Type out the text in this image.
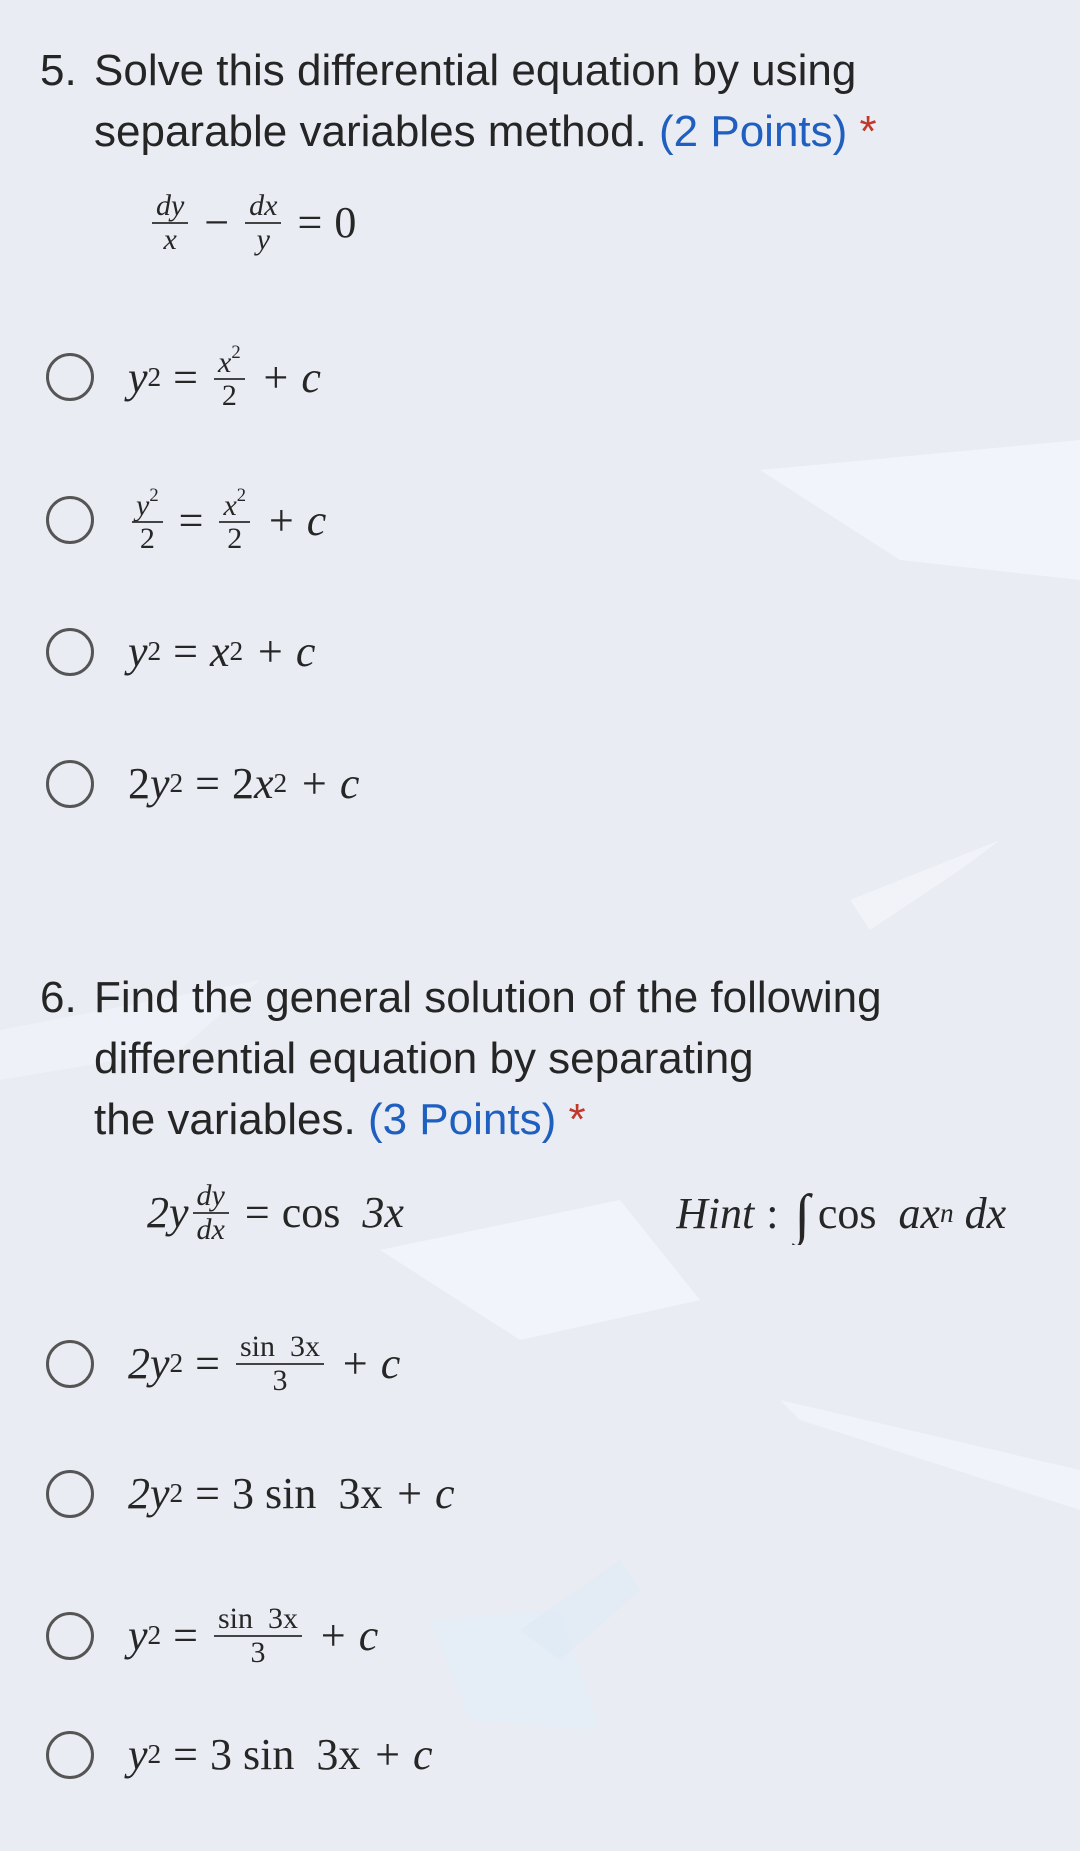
5. Solve this differential equation by using
separable variables method. (2 Points) *
$\frac{dy}{x} - \frac{dx}{y} = 0$
y $2 = \frac{x^2}{2} + c$
$\frac{y^2}{2} = \frac{x^2}{2} + c$
y 2 = x 2 + c
2 y 2 = 2 x 2 + c
6. Find the general solution of the following
differential equation by separating
the variables. (3 Points) *
$2y \frac{dy}{dx} = \cos$
3x	Hint : ∫ cos
ax n
dx
2y $2 = \frac{\sin 3x}{3} + c$
2y 2 = 3 sin  3x + c
y $2 = \frac{\sin 3x}{3} + c$
y 2 = 3 sin  3x + c
